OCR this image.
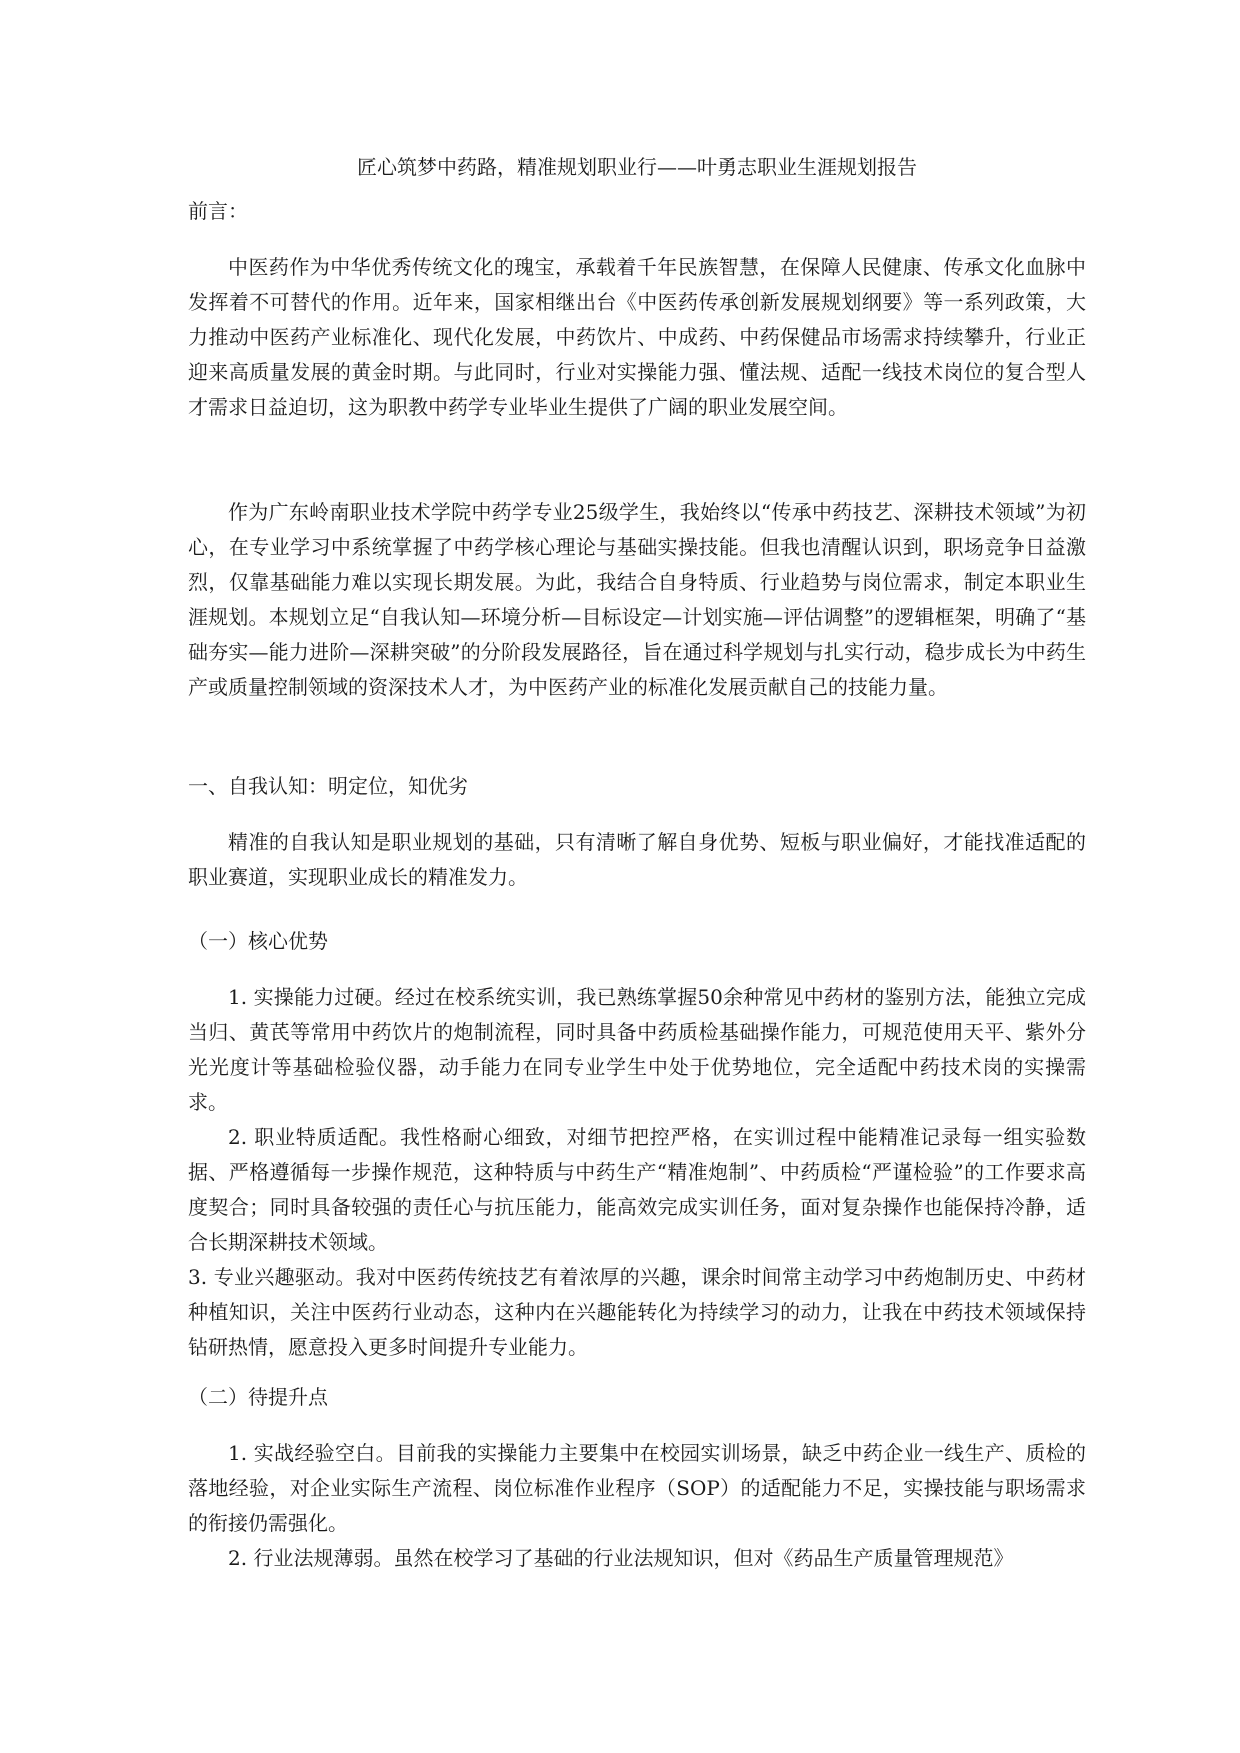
匠心筑梦中药路，精准规划职业行——叶勇志职业生涯规划报告
前言：

中医药作为中华优秀传统文化的瑰宝，承载着千年民族智慧，在保障人民健康、传承文化血脉中发挥着不可替代的作用。近年来，国家相继出台《中医药传承创新发展规划纲要》等一系列政策，大力推动中医药产业标准化、现代化发展，中药饮片、中成药、中药保健品市场需求持续攀升，行业正迎来高质量发展的黄金时期。与此同时，行业对实操能力强、懂法规、适配一线技术岗位的复合型人才需求日益迫切，这为职教中药学专业毕业生提供了广阔的职业发展空间。

作为广东岭南职业技术学院中药学专业25级学生，我始终以“传承中药技艺、深耕技术领域”为初心，在专业学习中系统掌握了中药学核心理论与基础实操技能。但我也清醒认识到，职场竞争日益激烈，仅靠基础能力难以实现长期发展。为此，我结合自身特质、行业趋势与岗位需求，制定本职业生涯规划。本规划立足“自我认知—环境分析—目标设定—计划实施—评估调整”的逻辑框架，明确了“基础夯实—能力进阶—深耕突破”的分阶段发展路径，旨在通过科学规划与扎实行动，稳步成长为中药生产或质量控制领域的资深技术人才，为中医药产业的标准化发展贡献自己的技能力量。

一、自我认知：明定位，知优劣

精准的自我认知是职业规划的基础，只有清晰了解自身优势、短板与职业偏好，才能找准适配的职业赛道，实现职业成长的精准发力。

（一）核心优势

1. 实操能力过硬。经过在校系统实训，我已熟练掌握50余种常见中药材的鉴别方法，能独立完成当归、黄芪等常用中药饮片的炮制流程，同时具备中药质检基础操作能力，可规范使用天平、紫外分光光度计等基础检验仪器，动手能力在同专业学生中处于优势地位，完全适配中药技术岗的实操需求。

2. 职业特质适配。我性格耐心细致，对细节把控严格，在实训过程中能精准记录每一组实验数据、严格遵循每一步操作规范，这种特质与中药生产“精准炮制”、中药质检“严谨检验”的工作要求高度契合；同时具备较强的责任心与抗压能力，能高效完成实训任务，面对复杂操作也能保持冷静，适合长期深耕技术领域。

3. 专业兴趣驱动。我对中医药传统技艺有着浓厚的兴趣，课余时间常主动学习中药炮制历史、中药材种植知识，关注中医药行业动态，这种内在兴趣能转化为持续学习的动力，让我在中药技术领域保持钻研热情，愿意投入更多时间提升专业能力。

（二）待提升点

1. 实战经验空白。目前我的实操能力主要集中在校园实训场景，缺乏中药企业一线生产、质检的落地经验，对企业实际生产流程、岗位标准作业程序（SOP）的适配能力不足，实操技能与职场需求的衔接仍需强化。

2. 行业法规薄弱。虽然在校学习了基础的行业法规知识，但对《药品生产质量管理规范》
